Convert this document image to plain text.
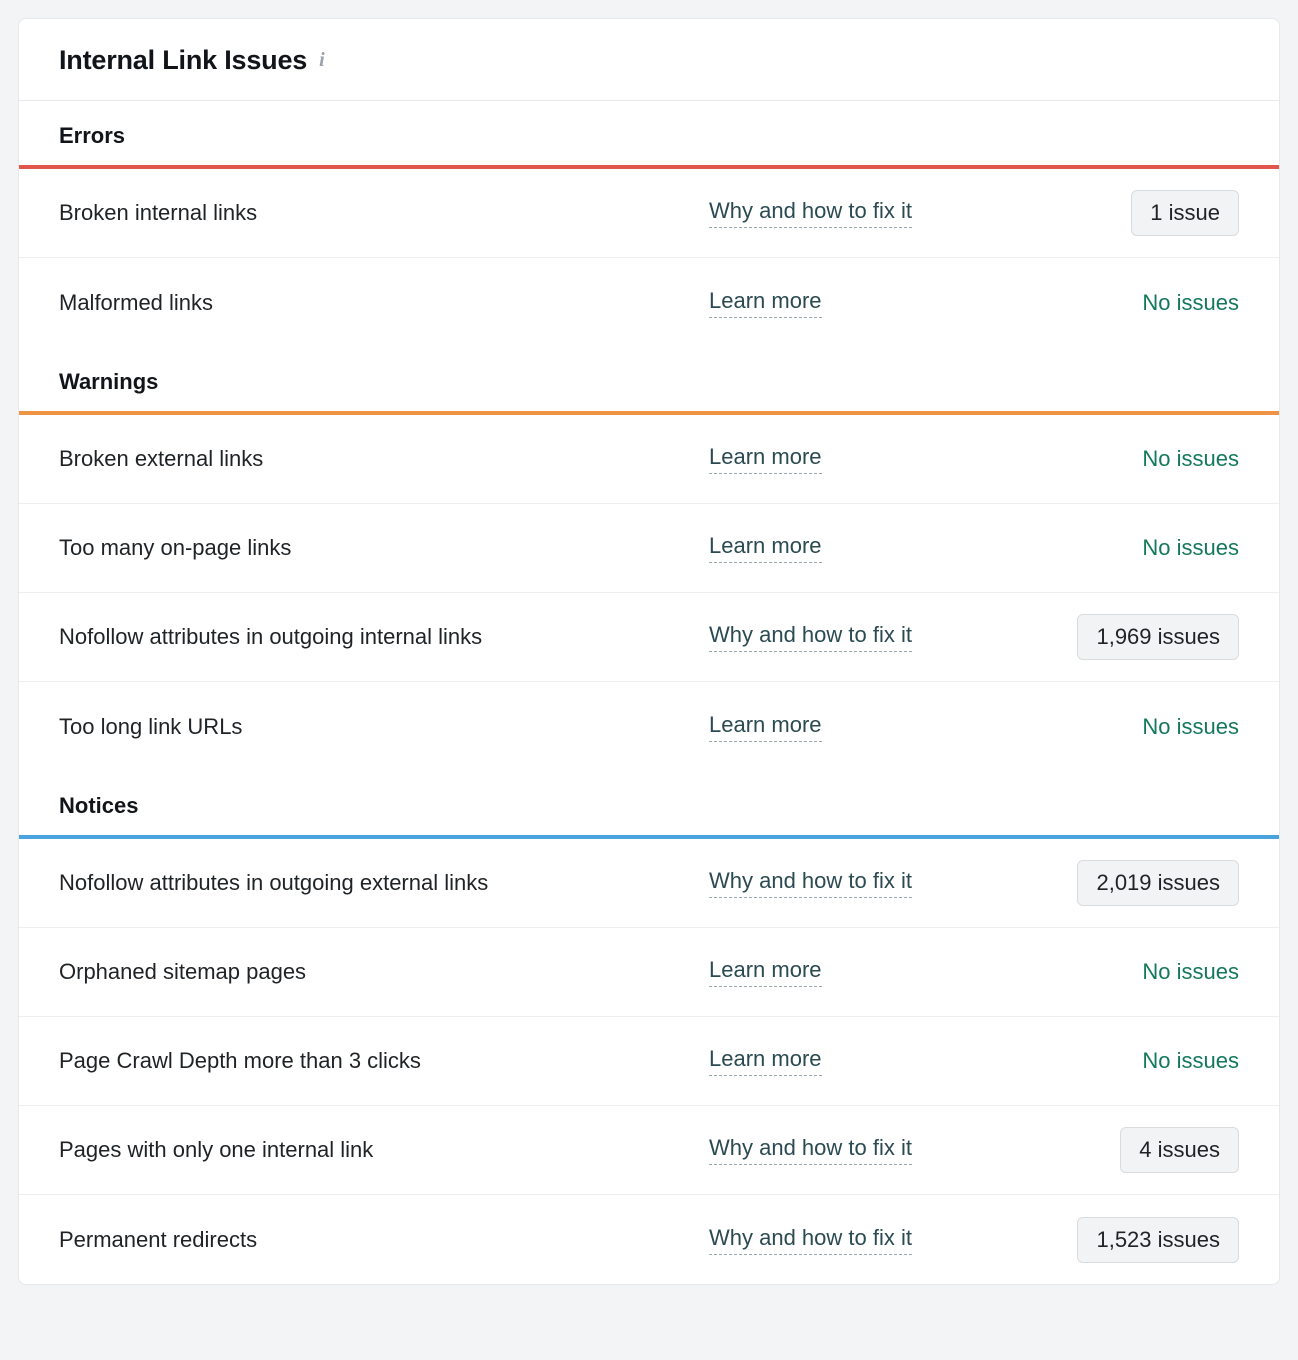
Internal Link Issues i
Errors
Broken internal links	Why and how to fix it	1 issue
Malformed links	Learn more	No issues
Warnings
Broken external links	Learn more	No issues
Too many on-page links	Learn more	No issues
Nofollow attributes in outgoing internal links	Why and how to fix it	1,969 issues
Too long link URLs	Learn more	No issues
Notices
Nofollow attributes in outgoing external links	Why and how to fix it	2,019 issues
Orphaned sitemap pages	Learn more	No issues
Page Crawl Depth more than 3 clicks	Learn more	No issues
Pages with only one internal link	Why and how to fix it	4 issues
Permanent redirects	Why and how to fix it	1,523 issues
